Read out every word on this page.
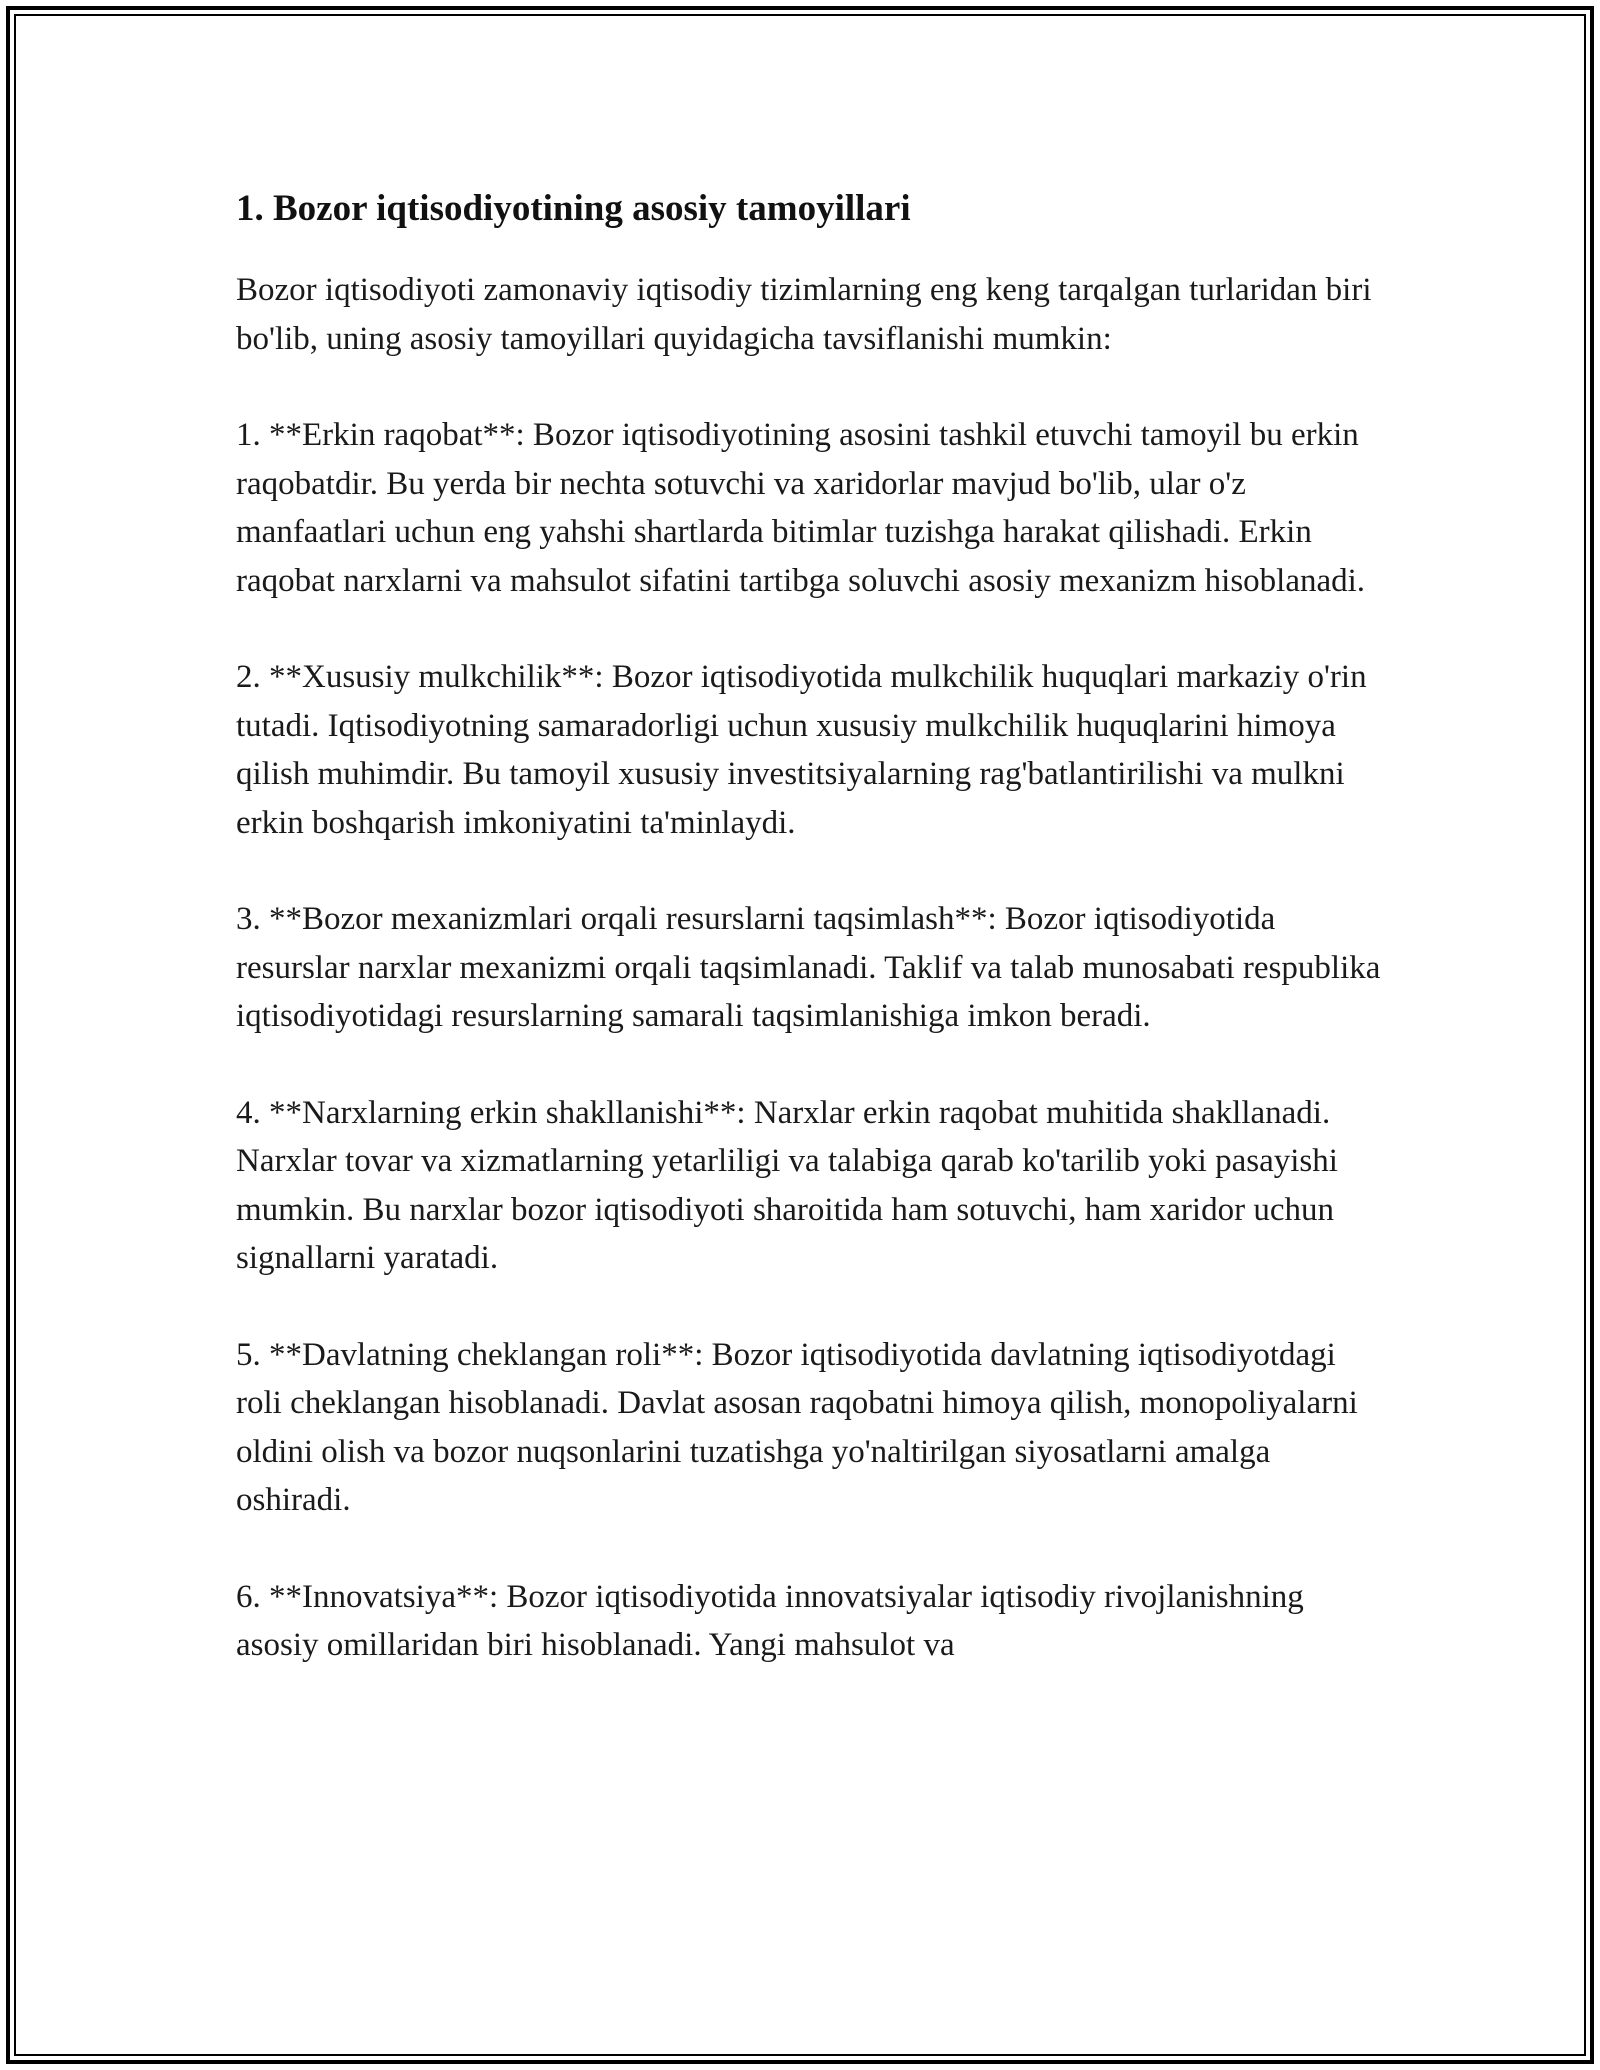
1. Bozor iqtisodiyotining asosiy tamoyillari

Bozor iqtisodiyoti zamonaviy iqtisodiy tizimlarning eng keng tarqalgan turlaridan biri bo'lib, uning asosiy tamoyillari quyidagicha tavsiflanishi mumkin:

1. **Erkin raqobat**: Bozor iqtisodiyotining asosini tashkil etuvchi tamoyil bu erkin raqobatdir. Bu yerda bir nechta sotuvchi va xaridorlar mavjud bo'lib, ular o'z manfaatlari uchun eng yahshi shartlarda bitimlar tuzishga harakat qilishadi. Erkin raqobat narxlarni va mahsulot sifatini tartibga soluvchi asosiy mexanizm hisoblanadi.

2. **Xususiy mulkchilik**: Bozor iqtisodiyotida mulkchilik huquqlari markaziy o'rin tutadi. Iqtisodiyotning samaradorligi uchun xususiy mulkchilik huquqlarini himoya qilish muhimdir. Bu tamoyil xususiy investitsiyalarning rag'batlantirilishi va mulkni erkin boshqarish imkoniyatini ta'minlaydi.

3. **Bozor mexanizmlari orqali resurslarni taqsimlash**: Bozor iqtisodiyotida resurslar narxlar mexanizmi orqali taqsimlanadi. Taklif va talab munosabati respublika iqtisodiyotidagi resurslarning samarali taqsimlanishiga imkon beradi.

4. **Narxlarning erkin shakllanishi**: Narxlar erkin raqobat muhitida shakllanadi. Narxlar tovar va xizmatlarning yetarliligi va talabiga qarab ko'tarilib yoki pasayishi mumkin. Bu narxlar bozor iqtisodiyoti sharoitida ham sotuvchi, ham xaridor uchun signallarni yaratadi.

5. **Davlatning cheklangan roli**: Bozor iqtisodiyotida davlatning iqtisodiyotdagi roli cheklangan hisoblanadi. Davlat asosan raqobatni himoya qilish, monopoliyalarni oldini olish va bozor nuqsonlarini tuzatishga yo'naltirilgan siyosatlarni amalga oshiradi.

6. **Innovatsiya**: Bozor iqtisodiyotida innovatsiyalar iqtisodiy rivojlanishning asosiy omillaridan biri hisoblanadi. Yangi mahsulot va
